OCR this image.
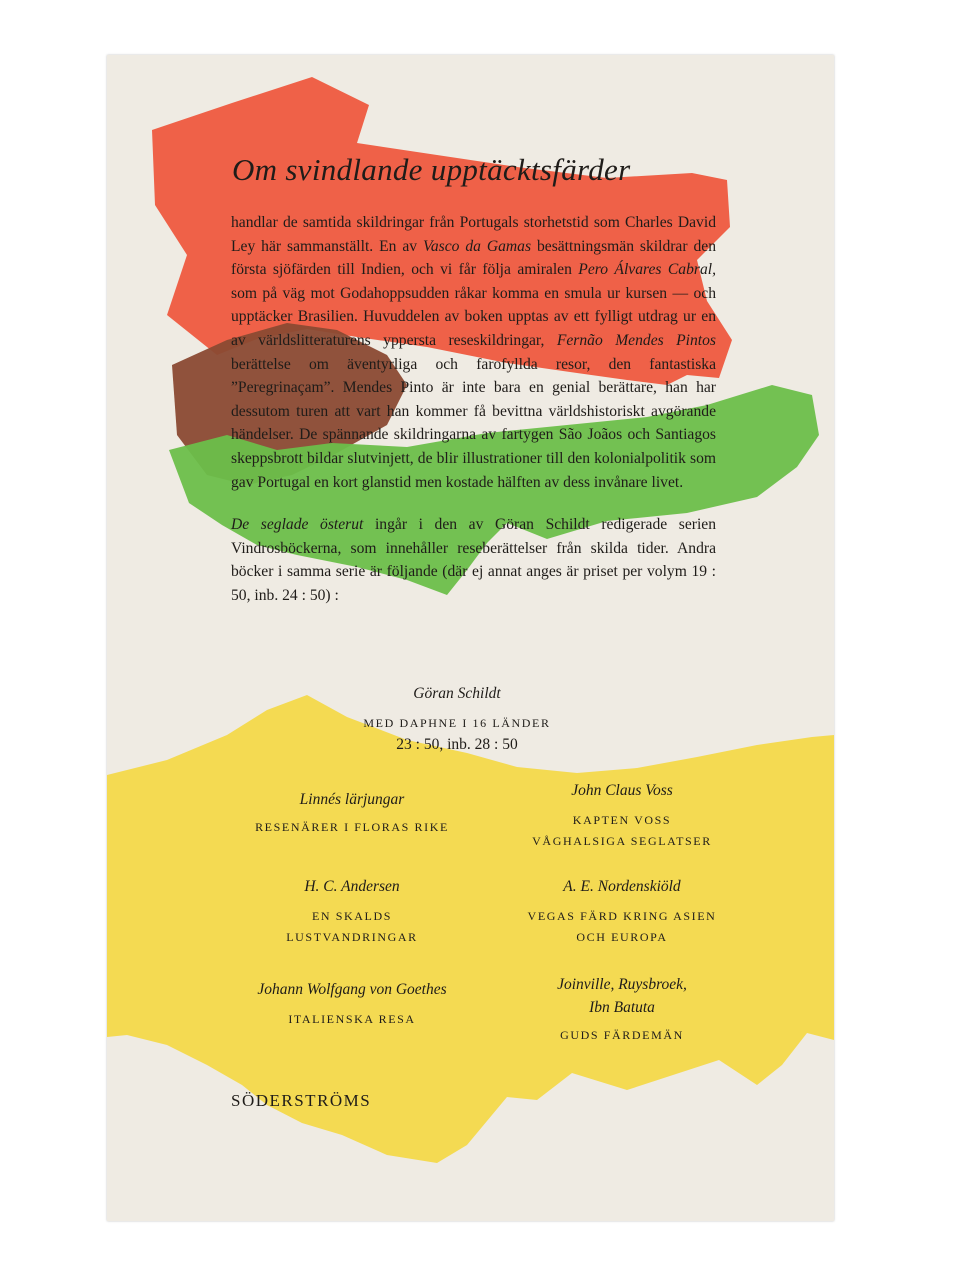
Om svindlande upptäcktsfärder

handlar de samtida skildringar från Portugals storhetstid som Charles David Ley här sammanställt. En av Vasco da Gamas besättningsmän skildrar den första sjöfärden till Indien, och vi får följa amiralen Pero Álvares Cabral, som på väg mot Godahoppsudden råkar komma en smula ur kursen — och upptäcker Brasilien. Huvuddelen av boken upptas av ett fylligt utdrag ur en av världslitteraturens yppersta reseskildringar, Fernão Mendes Pintos berättelse om äventyrliga och farofyllda resor, den fantastiska ”Peregrinaçam”. Mendes Pinto är inte bara en genial berättare, han har dessutom turen att vart han kommer få bevittna världshistoriskt avgörande händelser. De spännande skildringarna av fartygen São Joãos och Santiagos skeppsbrott bildar slutvinjett, de blir illustrationer till den kolonialpolitik som gav Portugal en kort glanstid men kostade hälften av dess invånare livet.

De seglade österut ingår i den av Göran Schildt redigerade serien Vindrosböckerna, som innehåller reseberättelser från skilda tider. Andra böcker i samma serie är följande (där ej annat anges är priset per volym 19 : 50, inb. 24 : 50) :

Göran Schildt
MED DAPHNE I 16 LÄNDER
23 : 50, inb. 28 : 50
Linnés lärjungar
RESENÄRER I FLORAS RIKE
H. C. Andersen
EN SKALDS
LUSTVANDRINGAR
Johann Wolfgang von Goethes
ITALIENSKA RESA
John Claus Voss
KAPTEN VOSS
VÅGHALSIGA SEGLATSER
A. E. Nordenskiöld
VEGAS FÄRD KRING ASIEN
OCH EUROPA
Joinville, Ruysbroek,
Ibn Batuta
GUDS FÄRDEMÄN
SÖDERSTRÖMS
